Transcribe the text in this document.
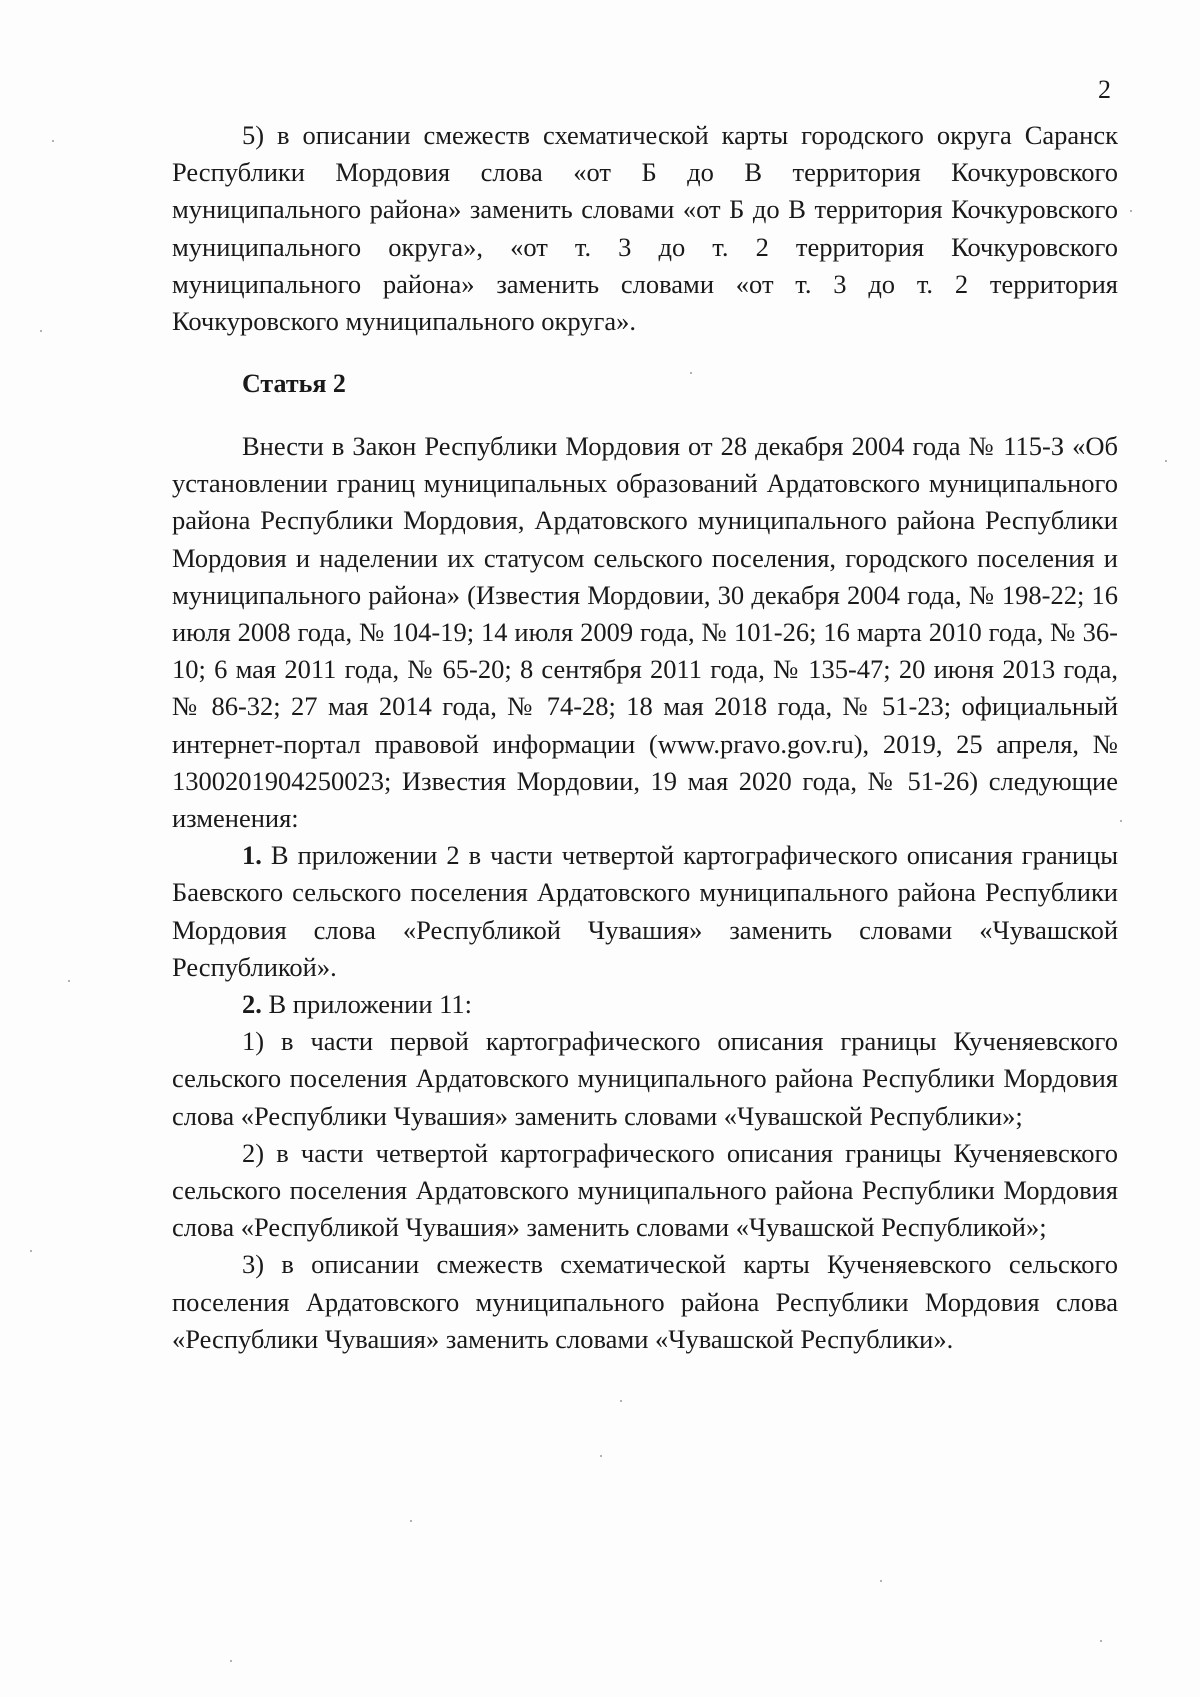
2

5) в описании смежеств схематической карты городского округа Саранск Республики Мордовия слова «от Б до В территория Кочкуровского муниципального района» заменить словами «от Б до В территория Кочкуровского муниципального округа», «от т. 3 до т. 2 территория Кочкуровского муниципального района» заменить словами «от т. 3 до т. 2 территория Кочкуровского муниципального округа».

Статья 2

Внести в Закон Республики Мордовия от 28 декабря 2004 года № 115-З «Об установлении границ муниципальных образований Ардатовского муниципального района Республики Мордовия, Ардатовского муниципального района Республики Мордовия и наделении их статусом сельского поселения, городского поселения и муниципального района» (Известия Мордовии, 30 декабря 2004 года, № 198-22; 16 июля 2008 года, № 104-19; 14 июля 2009 года, № 101-26; 16 марта 2010 года, № 36-10; 6 мая 2011 года, № 65-20; 8 сентября 2011 года, № 135-47; 20 июня 2013 года, № 86-32; 27 мая 2014 года, № 74-28; 18 мая 2018 года, № 51-23; официальный интернет-портал правовой информации (www.pravo.gov.ru), 2019, 25 апреля, № 1300201904250023; Известия Мордовии, 19 мая 2020 года, № 51-26) следующие изменения:

1. В приложении 2 в части четвертой картографического описания границы Баевского сельского поселения Ардатовского муниципального района Республики Мордовия слова «Республикой Чувашия» заменить словами «Чувашской Республикой».

2. В приложении 11:

1) в части первой картографического описания границы Кученяевского сельского поселения Ардатовского муниципального района Республики Мордовия слова «Республики Чувашия» заменить словами «Чувашской Республики»;

2) в части четвертой картографического описания границы Кученяевского сельского поселения Ардатовского муниципального района Республики Мордовия слова «Республикой Чувашия» заменить словами «Чувашской Республикой»;

3) в описании смежеств схематической карты Кученяевского сельского поселения Ардатовского муниципального района Республики Мордовия слова «Республики Чувашия» заменить словами «Чувашской Республики».
